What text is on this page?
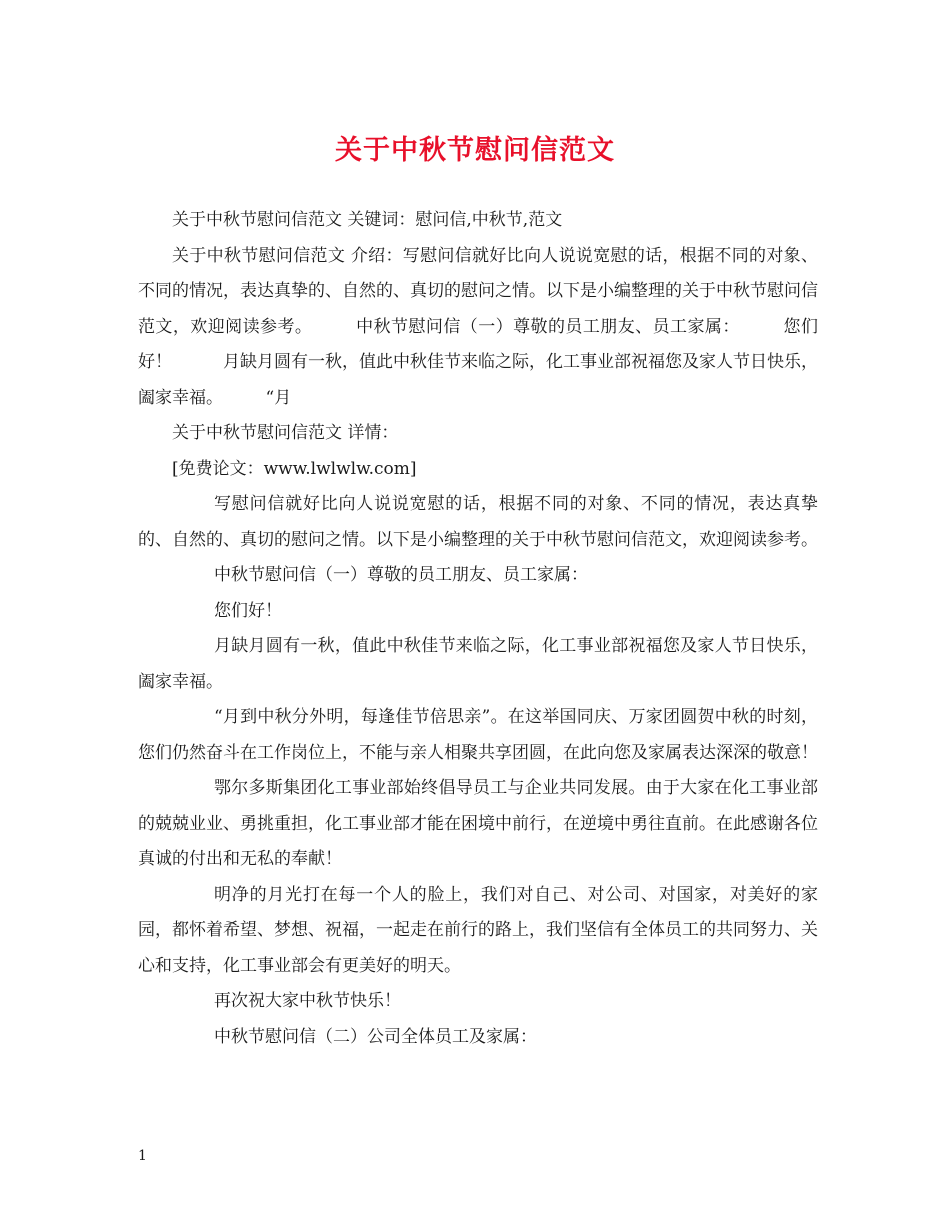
关于中秋节慰问信范文

关于中秋节慰问信范文 关键词：慰问信,中秋节,范文

关于中秋节慰问信范文 介绍：写慰问信就好比向人说说宽慰的话，根据不同的对象、不同的情况，表达真挚的、自然的、真切的慰问之情。以下是小编整理的关于中秋节慰问信范文，欢迎阅读参考。　　　中秋节慰问信（一）尊敬的员工朋友、员工家属：　　　您们好！　　　月缺月圆有一秋，值此中秋佳节来临之际，化工事业部祝福您及家人节日快乐，阖家幸福。　　　“月

关于中秋节慰问信范文 详情：

[免费论文：www.lwlwlw.com]

写慰问信就好比向人说说宽慰的话，根据不同的对象、不同的情况，表达真挚的、自然的、真切的慰问之情。以下是小编整理的关于中秋节慰问信范文，欢迎阅读参考。

中秋节慰问信（一）尊敬的员工朋友、员工家属：

您们好！

月缺月圆有一秋，值此中秋佳节来临之际，化工事业部祝福您及家人节日快乐，阖家幸福。

“月到中秋分外明，每逢佳节倍思亲”。在这举国同庆、万家团圆贺中秋的时刻，您们仍然奋斗在工作岗位上，不能与亲人相聚共享团圆，在此向您及家属表达深深的敬意！

鄂尔多斯集团化工事业部始终倡导员工与企业共同发展。由于大家在化工事业部的兢兢业业、勇挑重担，化工事业部才能在困境中前行，在逆境中勇往直前。在此感谢各位真诚的付出和无私的奉献！

明净的月光打在每一个人的脸上，我们对自己、对公司、对国家，对美好的家园，都怀着希望、梦想、祝福，一起走在前行的路上，我们坚信有全体员工的共同努力、关心和支持，化工事业部会有更美好的明天。

再次祝大家中秋节快乐！

中秋节慰问信（二）公司全体员工及家属：

1
